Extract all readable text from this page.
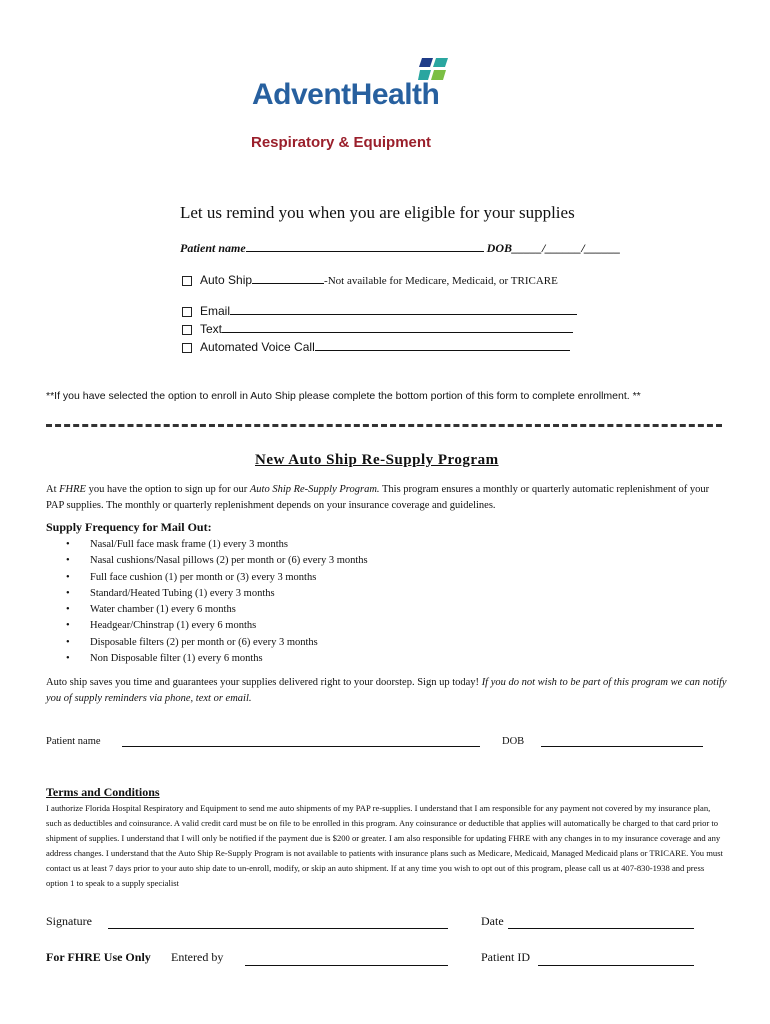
AdventHealth
Respiratory & Equipment
Let us remind you when you are eligible for your supplies
Patient name	DOB_____/______/______
Auto Ship	-Not available for Medicare, Medicaid, or TRICARE
Email
Text
Automated Voice Call
**If you have selected the option to enroll in Auto Ship please complete the bottom portion of this form to complete enrollment. **
New Auto Ship Re-Supply Program
At FHRE you have the option to sign up for our Auto Ship Re-Supply Program. This program ensures a monthly or quarterly automatic replenishment of your PAP supplies. The monthly or quarterly replenishment depends on your insurance coverage and guidelines.
Supply Frequency for Mail Out:
• Nasal/Full face mask frame (1) every 3 months
• Nasal cushions/Nasal pillows (2) per month or (6) every 3 months
• Full face cushion (1) per month or (3) every 3 months
• Standard/Heated Tubing (1) every 3 months
• Water chamber (1) every 6 months
• Headgear/Chinstrap (1) every 6 months
• Disposable filters (2) per month or (6) every 3 months
• Non Disposable filter (1) every 6 months
Auto ship saves you time and guarantees your supplies delivered right to your doorstep. Sign up today! If you do not wish to be part of this program we can notify you of supply reminders via phone, text or email.
Patient name	DOB
Terms and Conditions
I authorize Florida Hospital Respiratory and Equipment to send me auto shipments of my PAP re-supplies. I understand that I am responsible for any payment not covered by my insurance plan, such as deductibles and coinsurance. A valid credit card must be on file to be enrolled in this program. Any coinsurance or deductible that applies will automatically be charged to that card prior to shipment of supplies. I understand that I will only be notified if the payment due is $200 or greater. I am also responsible for updating FHRE with any changes in to my insurance coverage and any address changes. I understand that the Auto Ship Re-Supply Program is not available to patients with insurance plans such as Medicare, Medicaid, Managed Medicaid plans or TRICARE. You must contact us at least 7 days prior to your auto ship date to un-enroll, modify, or skip an auto shipment. If at any time you wish to opt out of this program, please call us at 407-830-1938 and press option 1 to speak to a supply specialist
Signature	Date
For FHRE Use Only Entered by	Patient ID
